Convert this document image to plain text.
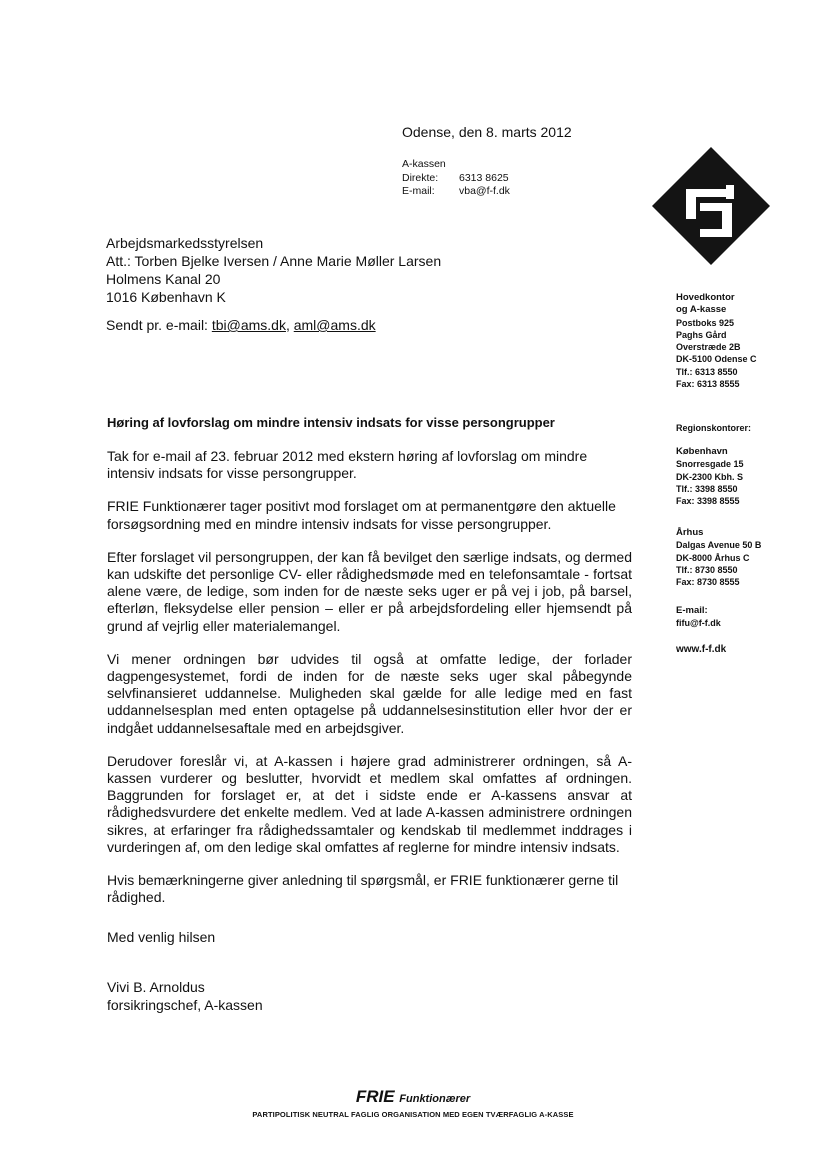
Odense, den 8. marts 2012
A-kassen
Direkte:	6313 8625
E-mail:	vba@f-f.dk
Arbejdsmarkedsstyrelsen
Att.: Torben Bjelke Iversen / Anne Marie Møller Larsen
Holmens Kanal 20
1016 København K
Sendt pr. e-mail: tbi@ams.dk, aml@ams.dk
Hovedkontor
og A-kasse
Postboks 925
Paghs Gård
Overstræde 2B
DK-5100 Odense C
Tlf.: 6313 8550
Fax: 6313 8555
Regionskontorer:
København
Snorresgade 15
DK-2300 Kbh. S
Tlf.: 3398 8550
Fax: 3398 8555
Århus
Dalgas Avenue 50 B
DK-8000 Århus C
Tlf.: 8730 8550
Fax: 8730 8555
E-mail:
fifu@f-f.dk
www.f-f.dk
Høring af lovforslag om mindre intensiv indsats for visse persongrupper

Tak for e-mail af 23. februar 2012 med ekstern høring af lovforslag om mindre intensiv indsats for visse persongrupper.

FRIE Funktionærer tager positivt mod forslaget om at permanentgøre den aktuelle forsøgsordning med en mindre intensiv indsats for visse persongrupper.

Efter forslaget vil persongruppen, der kan få bevilget den særlige indsats, og dermed kan udskifte det personlige CV- eller rådighedsmøde med en telefonsamtale - fortsat alene være, de ledige, som inden for de næste seks uger er på vej i job, på barsel, efterløn, fleksydelse eller pension – eller er på arbejdsfordeling eller hjemsendt på grund af vejrlig eller materialemangel.

Vi mener ordningen bør udvides til også at omfatte ledige, der forlader dagpengesystemet, fordi de inden for de næste seks uger skal påbegynde selvfinansieret uddannelse. Muligheden skal gælde for alle ledige med en fast uddannelsesplan med enten optagelse på uddannelsesinstitution eller hvor der er indgået uddannelsesaftale med en arbejdsgiver.

Derudover foreslår vi, at A-kassen i højere grad administrerer ordningen, så A-kassen vurderer og beslutter, hvorvidt et medlem skal omfattes af ordningen. Baggrunden for forslaget er, at det i sidste ende er A-kassens ansvar at rådighedsvurdere det enkelte medlem. Ved at lade A-kassen administrere ordningen sikres, at erfaringer fra rådighedssamtaler og kendskab til medlemmet inddrages i vurderingen af, om den ledige skal omfattes af reglerne for mindre intensiv indsats.

Hvis bemærkningerne giver anledning til spørgsmål, er FRIE funktionærer gerne til rådighed.

Med venlig hilsen
Vivi B. Arnoldus
forsikringschef, A-kassen
FRIE Funktionærer
PARTIPOLITISK NEUTRAL FAGLIG ORGANISATION MED EGEN TVÆRFAGLIG A-KASSE
